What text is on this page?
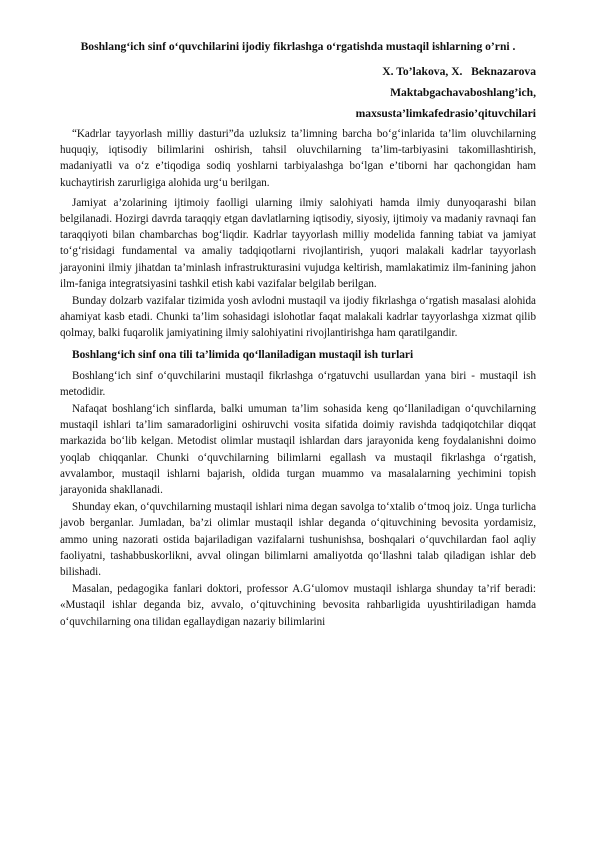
Boshlang‘ich sinf o‘quvchilarini ijodiy fikrlashga o‘rgatishda mustaqil ishlarning o’rni .
X. To’lakova, X.   Beknazarova
Maktabgachavaboshlang’ich,
maxsusta’limkafedrasio’qituvchilari

“Kadrlar tayyorlash milliy dasturi”da uzluksiz ta’limning barcha bo‘g‘inlarida ta’lim oluvchilarning huquqiy, iqtisodiy bilimlarini oshirish, tahsil oluvchilarning ta’lim-tarbiyasini takomillashtirish, madaniyatli va o‘z e’tiqodiga sodiq yoshlarni tarbiyalashga bo‘lgan e’tiborni har qachongidan ham kuchaytirish zarurligiga alohida urg‘u berilgan.

Jamiyat a’zolarining ijtimoiy faolligi ularning ilmiy salohiyati hamda ilmiy dunyoqarashi bilan belgilanadi. Hozirgi davrda taraqqiy etgan davlatlarning iqtisodiy, siyosiy, ijtimoiy va madaniy ravnaqi fan taraqqiyoti bilan chambarchas bog‘liqdir. Kadrlar tayyorlash milliy modelida fanning tabiat va jamiyat to‘g‘risidagi fundamental va amaliy tadqiqotlarni rivojlantirish, yuqori malakali kadrlar tayyorlash jarayonini ilmiy jihatdan ta’minlash infrastrukturasini vujudga keltirish, mamlakatimiz ilm-fanining jahon ilm-faniga integratsiyasini tashkil etish kabi vazifalar belgilab berilgan.

Bunday dolzarb vazifalar tizimida yosh avlodni mustaqil va ijodiy fikrlashga o‘rgatish masalasi alohida ahamiyat kasb etadi. Chunki ta’lim sohasidagi islohotlar faqat malakali kadrlar tayyorlashga xizmat qilib qolmay, balki fuqarolik jamiyatining ilmiy salohiyatini rivojlantirishga ham qaratilgandir.

Boshlang‘ich sinf ona tili ta’limida qo‘llaniladigan mustaqil ish turlari

Boshlang‘ich sinf o‘quvchilarini mustaqil fikrlashga o‘rgatuvchi usullardan yana biri - mustaqil ish metodidir.

Nafaqat boshlang‘ich sinflarda, balki umuman ta’lim sohasida keng qo‘llaniladigan o‘quvchilarning mustaqil ishlari ta’lim samaradorligini oshiruvchi vosita sifatida doimiy ravishda tadqiqotchilar diqqat markazida bo‘lib kelgan. Metodist olimlar mustaqil ishlardan dars jarayonida keng foydalanishni doimo yoqlab chiqqanlar. Chunki o‘quvchilarning bilimlarni egallash va mustaqil fikrlashga o‘rgatish, avvalambor, mustaqil ishlarni bajarish, oldida turgan muammo va masalalarning yechimini topish jarayonida shakllanadi.

Shunday ekan, o‘quvchilarning mustaqil ishlari nima degan savolga to‘xtalib o‘tmoq joiz. Unga turlicha javob berganlar. Jumladan, ba’zi olimlar mustaqil ishlar deganda o‘qituvchining bevosita yordamisiz, ammo uning nazorati ostida bajariladigan vazifalarni tushunishsa, boshqalari o‘quvchilardan faol aqliy faoliyatni, tashabbuskorlikni, avval olingan bilimlarni amaliyotda qo‘llashni talab qiladigan ishlar deb bilishadi.

Masalan, pedagogika fanlari doktori, professor A.G‘ulomov mustaqil ishlarga shunday ta’rif beradi: «Mustaqil ishlar deganda biz, avvalo, o‘qituvchining bevosita rahbarligida uyushtiriladigan hamda o‘quvchilarning ona tilidan egallaydigan nazariy bilimlarini
